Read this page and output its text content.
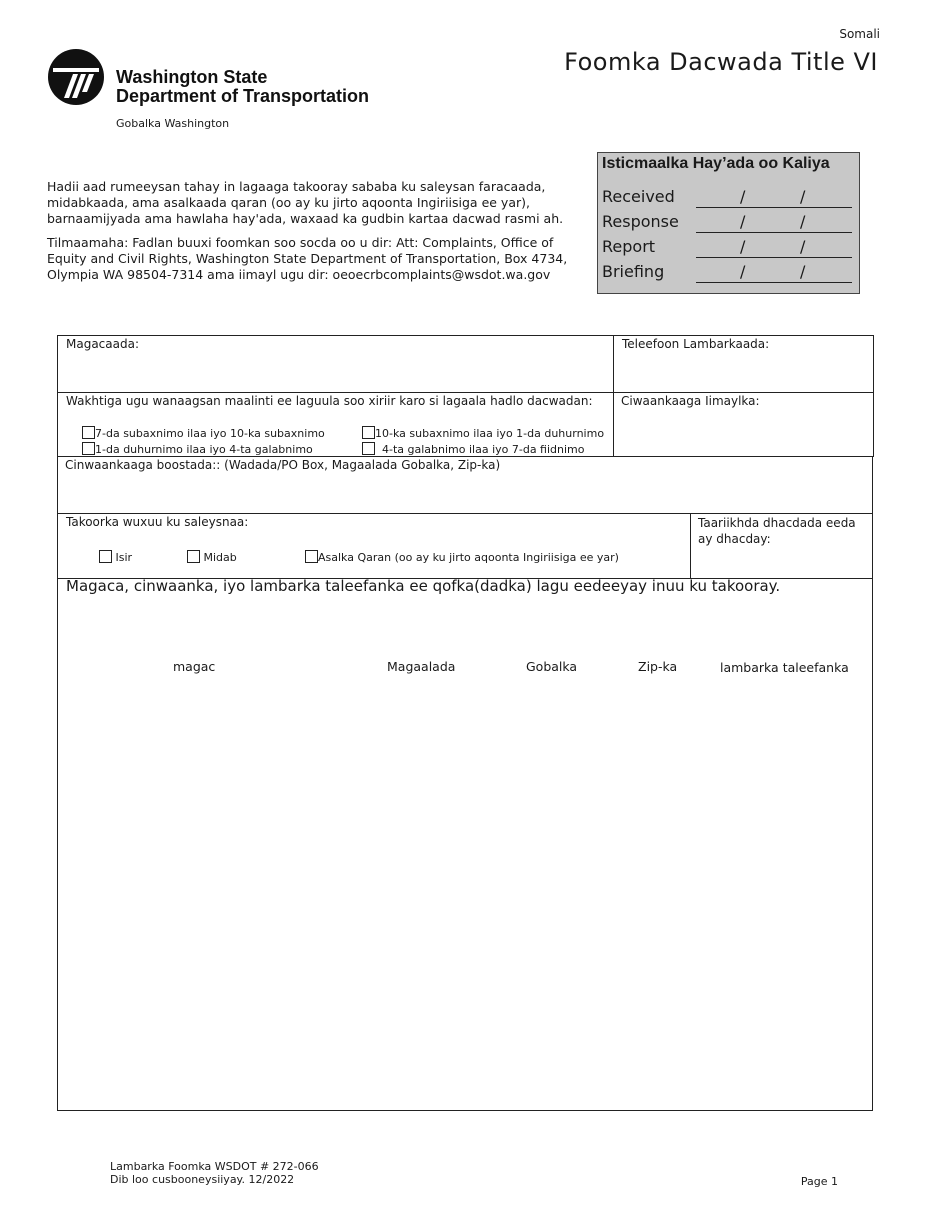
Somali
Foomka Dacwada Title VI
Washington State
Department of Transportation
Gobalka Washington

Hadii aad rumeeysan tahay in lagaaga takooray sababa ku saleysan faracaada, midabkaada, ama asalkaada qaran (oo ay ku jirto aqoonta Ingiriisiga ee yar), barnaamijyada ama hawlaha hay'ada, waxaad ka gudbin kartaa dacwad rasmi ah.

Tilmaamaha: Fadlan buuxi foomkan soo socda oo u dir: Att: Complaints, Office of Equity and Civil Rights, Washington State Department of Transportation, Box 4734, Olympia WA 98504-7314 ama iimayl ugu dir: oeoecrbcomplaints@wsdot.wa.gov

Isticmaalka Hay’ada oo Kaliya
Received	/	/
Response	/	/
Report	/	/
Briefing	/	/
Magacaada:	Teleefoon Lambarkaada:
Wakhtiga ugu wanaagsan maalinti ee laguula soo xiriir karo si lagaala hadlo dacwadan:
7-da subaxnimo ilaa iyo 10-ka subaxnimo	10-ka subaxnimo ilaa iyo 1-da duhurnimo
1-da duhurnimo ilaa iyo 4-ta galabnimo	4-ta galabnimo ilaa iyo 7-da fiidnimo
Ciwaankaaga Iimaylka:
Cinwaankaaga boostada:: (Wadada/PO Box, Magaalada Gobalka, Zip-ka)
Takoorka wuxuu ku saleysnaa:
Isir	Midab	Asalka Qaran (oo ay ku jirto aqoonta Ingiriisiga ee yar)
Taariikhda dhacdada eeda ay dhacday:
Magaca, cinwaanka, iyo lambarka taleefanka ee qofka(dadka) lagu eedeeyay inuu ku takooray.
magac	Magaalada	Gobalka	Zip-ka	lambarka taleefanka
Lambarka Foomka WSDOT # 272-066
Dib loo cusbooneysiiyay. 12/2022	Page 1
